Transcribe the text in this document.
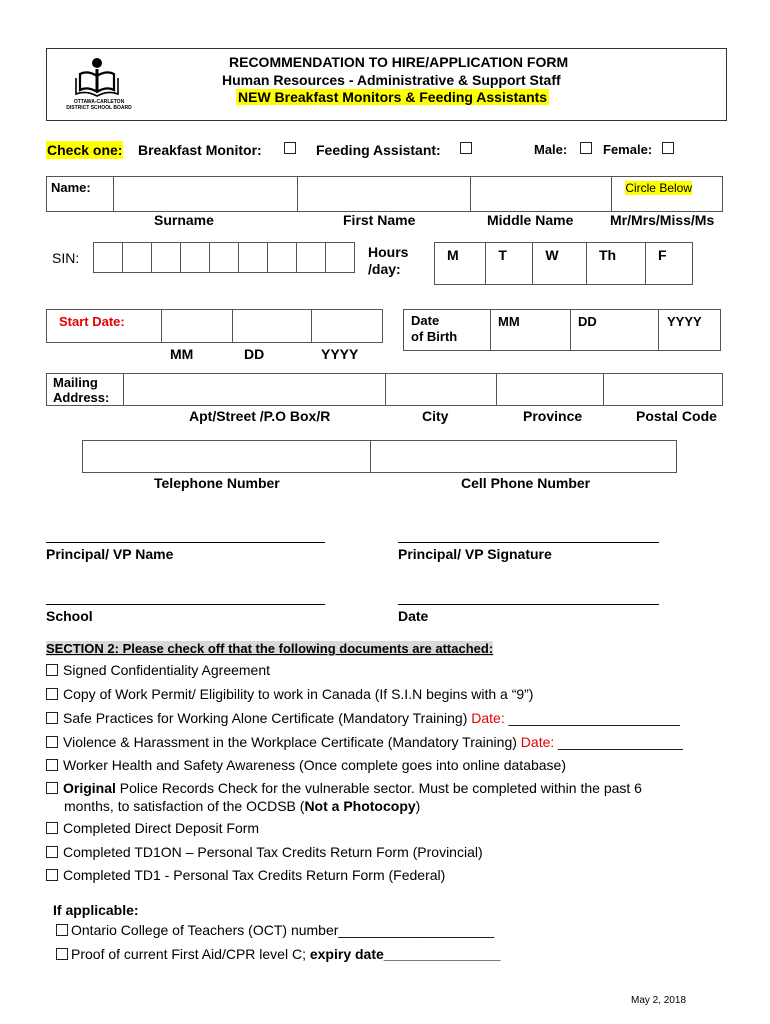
OTTAWA-CARLETON DISTRICT SCHOOL BOARD
RECOMMENDATION TO HIRE/APPLICATION FORM
Human Resources - Administrative & Support Staff
NEW Breakfast Monitors & Feeding Assistants
Check one: Breakfast Monitor:	Feeding Assistant:	Male:	Female:
Name:				Circle Below
Surname	First Name	Middle Name	Mr/Mrs/Miss/Ms
SIN:
									Hours
/day:
M	T	W	Th	F
Start Date:			
MM	DD	YYYY
Date
of Birth
	MM	DD	YYYY
Mailing
Address:

Apt/Street /P.O Box/R	City	Province	Postal Code

Telephone Number	Cell Phone Number
Principal/ VP Name	Principal/ VP Signature
School	Date
SECTION 2: Please check off that the following documents are attached:
Signed Confidentiality Agreement
Copy of Work Permit/ Eligibility to work in Canada (If S.I.N begins with a “9”)
Safe Practices for Working Alone Certificate (Mandatory Training) Date: ______________________
Violence & Harassment in the Workplace Certificate (Mandatory Training) Date: ________________
Worker Health and Safety Awareness (Once complete goes into online database)
Original Police Records Check for the vulnerable sector. Must be completed within the past 6
months, to satisfaction of the OCDSB (Not a Photocopy)
Completed Direct Deposit Form
Completed TD1ON – Personal Tax Credits Return Form (Provincial)
Completed TD1 - Personal Tax Credits Return Form (Federal)
If applicable:
Ontario College of Teachers (OCT) number____________________
Proof of current First Aid/CPR level C; expiry date_______________
May 2, 2018
